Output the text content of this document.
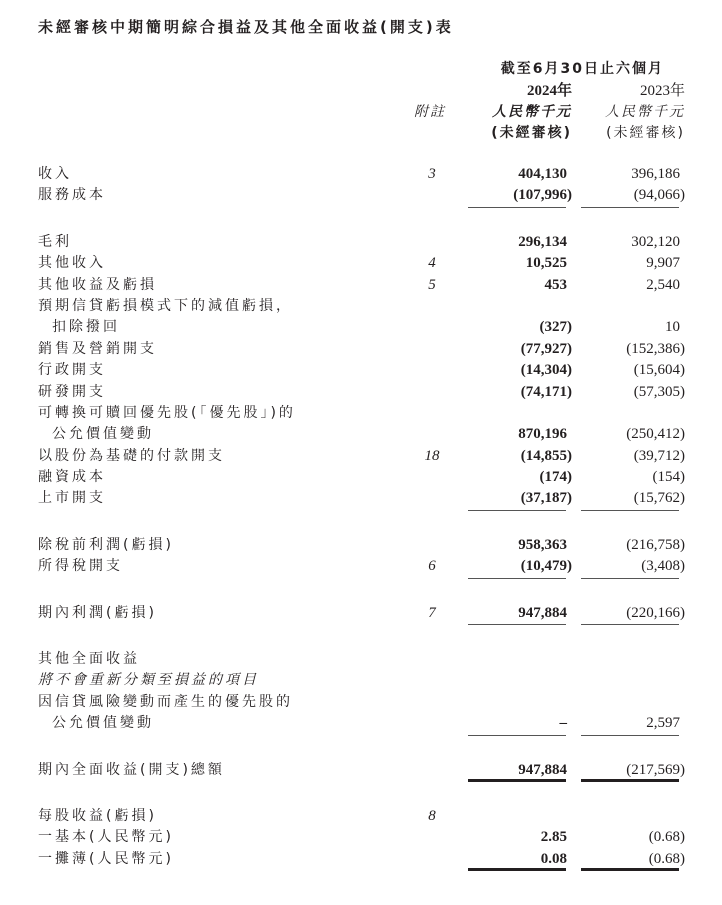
未經審核中期簡明綜合損益及其他全面收益(開支)表
截至6月30日止六個月
2024年	2023年
附註	人民幣千元 人民幣千元
(未經審核) (未經審核)
收入	3	404,130	396,186
服務成本	(107,996)	(94,066)
毛利	296,134	302,120
其他收入	4	10,525	9,907
其他收益及虧損	5	453	2,540
預期信貸虧損模式下的減值虧損，
扣除撥回	(327)	10
銷售及營銷開支	(77,927)	(152,386)
行政開支	(14,304)	(15,604)
研發開支	(74,171)	(57,305)
可轉換可贖回優先股(「優先股」)的
公允價值變動	870,196	(250,412)
以股份為基礎的付款開支	18	(14,855)	(39,712)
融資成本	(174)	(154)
上市開支	(37,187)	(15,762)
除稅前利潤(虧損)	958,363	(216,758)
所得稅開支	6	(10,479)	(3,408)
期內利潤(虧損)	7	947,884	(220,166)
其他全面收益
將不會重新分類至損益的項目
因信貸風險變動而產生的優先股的
公允價值變動	–	2,597
期內全面收益(開支)總額	947,884	(217,569)
每股收益(虧損)	8
一基本(人民幣元)	2.85	(0.68)
一攤薄(人民幣元)	0.08	(0.68)
